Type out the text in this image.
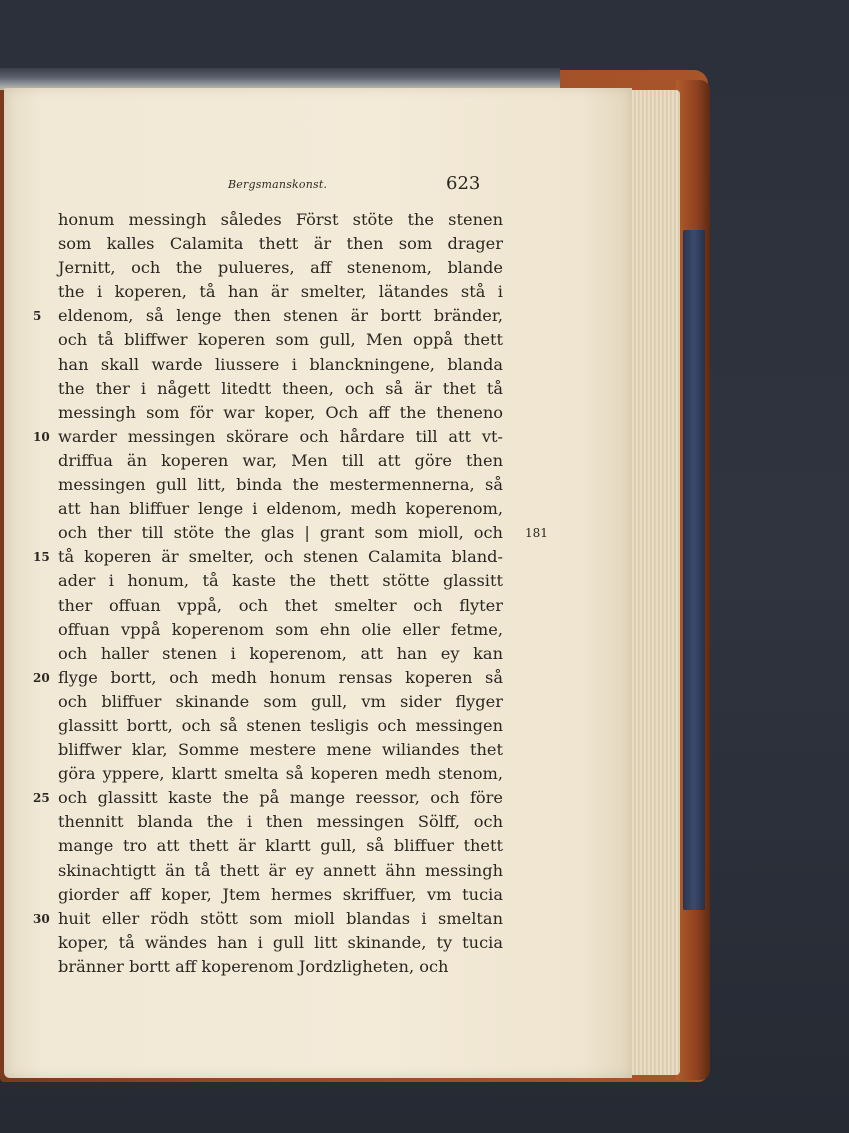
Bergsmanskonst.	623
honum messingh således Först stöte the stenen
som kalles Calamita thett är then som drager
Jernitt, och the pulueres, aff stenenom, blande
the i koperen, tå han är smelter, lätandes stå i
eldenom, så lenge then stenen är bortt bränder,
5
och tå bliffwer koperen som gull, Men oppå thett
han skall warde liussere i blanckningene, blanda
the ther i någett litedtt theen, och så är thet tå
messingh som för war koper, Och aff the theneno
warder messingen skörare och hårdare till att vt-
10
driffua än koperen war, Men till att göre then
messingen gull litt, binda the mestermennerna, så
att han bliffuer lenge i eldenom, medh koperenom,
och ther till stöte the glas | grant som mioll, och 181
tå koperen är smelter, och stenen Calamita bland-
15
ader i honum, tå kaste the thett stötte glassitt
ther offuan vppå, och thet smelter och flyter
offuan vppå koperenom som ehn olie eller fetme,
och haller stenen i koperenom, att han ey kan
flyge bortt, och medh honum rensas koperen så
20
och bliffuer skinande som gull, vm sider flyger
glassitt bortt, och så stenen tesligis och messingen
bliffwer klar, Somme mestere mene wiliandes thet
göra yppere, klartt smelta så koperen medh stenom,
och glassitt kaste the på mange reessor, och före
25
thennitt blanda the i then messingen Sölff, och
mange tro att thett är klartt gull, så bliffuer thett
skinachtigtt än tå thett är ey annett ähn messingh
giorder aff koper, Jtem hermes skriffuer, vm tucia
huit eller rödh stött som mioll blandas i smeltan
30
koper, tå wändes han i gull litt skinande, ty tucia
bränner bortt aff koperenom Jordzligheten, och
